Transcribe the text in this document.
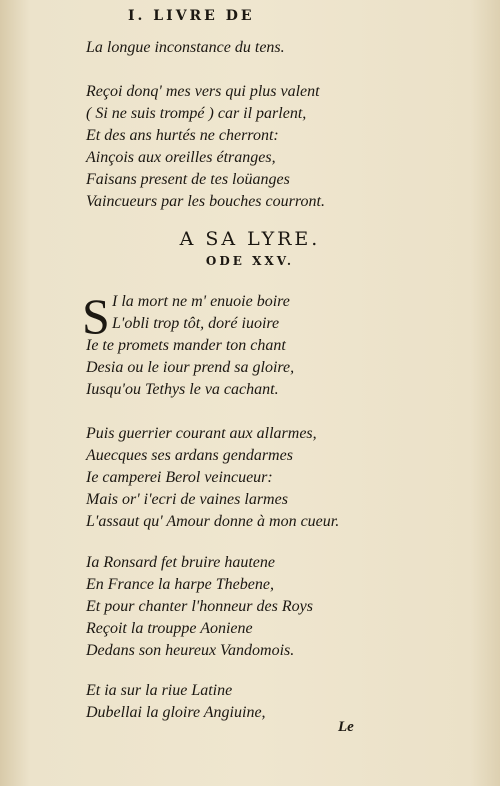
I. LIVRE DE
La longue inconstance du tens.
Reçoi donq' mes vers qui plus valent
( Si ne suis trompé ) car il parlent,
Et des ans hurtés ne cherront:
Ainçois aux oreilles étranges,
Faisans present de tes loüanges
Vaincueurs par les bouches courront.
A SA LYRE.
ODE XXV.
S I la mort ne m' enuoie boire
L'obli trop tôt, doré iuoire
Ie te promets mander ton chant
Desia ou le iour prend sa gloire,
Iusqu'ou Tethys le va cachant.
Puis guerrier courant aux allarmes,
Auecques ses ardans gendarmes
Ie camperei Berol veincueur:
Mais or' i'ecri de vaines larmes
L'assaut qu' Amour donne à mon cueur.
Ia Ronsard fet bruire hautene
En France la harpe Thebene,
Et pour chanter l'honneur des Roys
Reçoit la trouppe Aoniene
Dedans son heureux Vandomois.
Et ia sur la riue Latine
Dubellai la gloire Angiuine,
Le
